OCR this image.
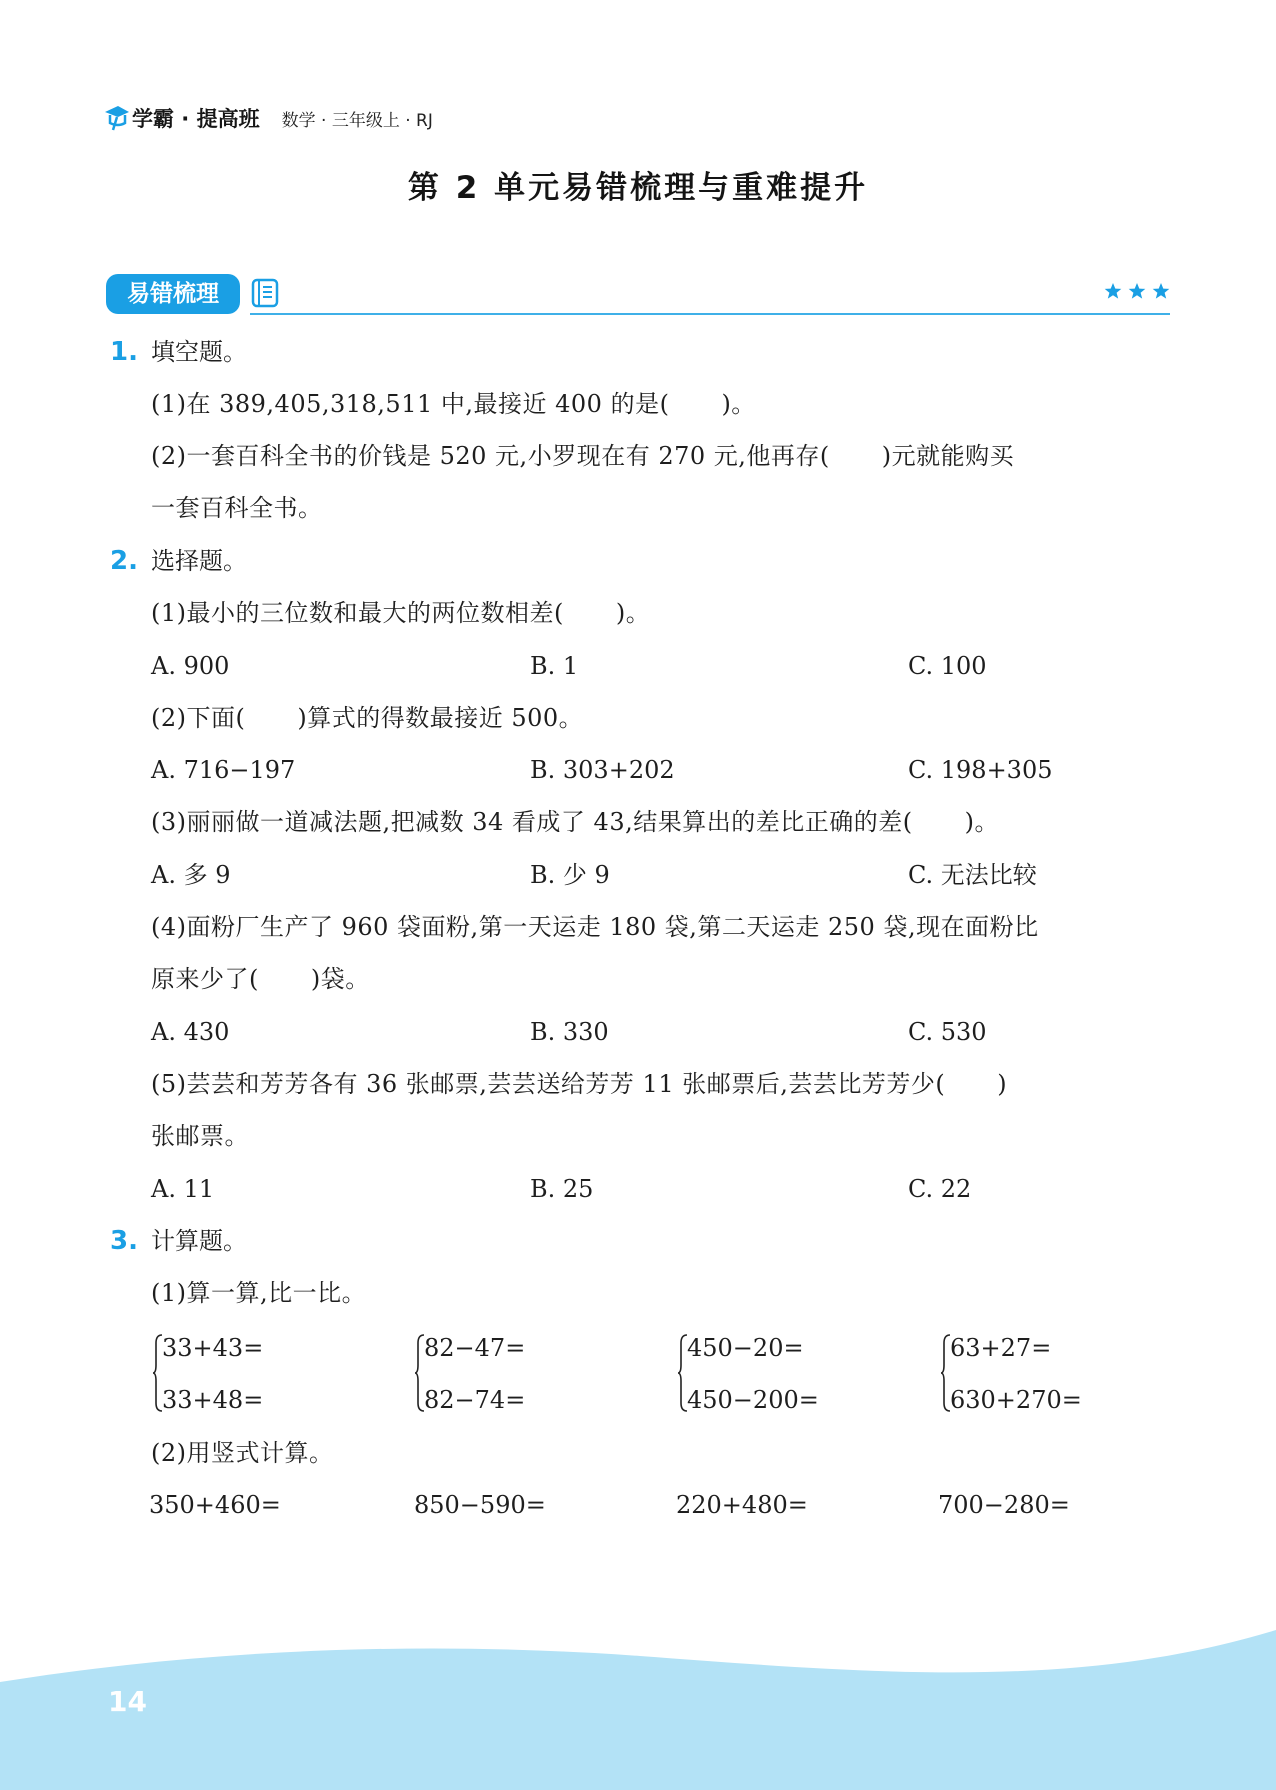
学霸 · 提高班 数学 · 三年级上 · RJ
第 2 单元易错梳理与重难提升
易错梳理
1. 填空题。
(1)在 389,405,318,511 中,最接近 400 的是( )。
(2)一套百科全书的价钱是 520 元,小罗现在有 270 元,他再存( )元就能购买
一套百科全书。
2. 选择题。
(1)最小的三位数和最大的两位数相差( )。
A. 900	B. 1	C. 100
(2)下面( )算式的得数最接近 500。
A. 716−197	B. 303+202	C. 198+305
(3)丽丽做一道减法题,把减数 34 看成了 43,结果算出的差比正确的差( )。
A. 多 9	B. 少 9	C. 无法比较
(4)面粉厂生产了 960 袋面粉,第一天运走 180 袋,第二天运走 250 袋,现在面粉比
原来少了( )袋。
A. 430	B. 330	C. 530
(5)芸芸和芳芳各有 36 张邮票,芸芸送给芳芳 11 张邮票后,芸芸比芳芳少( )
张邮票。
A. 11	B. 25	C. 22
3. 计算题。
(1)算一算,比一比。
33+43=
33+48=
82−47=
82−74=
450−20=
450−200=
63+27=
630+270=
(2)用竖式计算。
350+460=	850−590=	220+480=	700−280=
14
